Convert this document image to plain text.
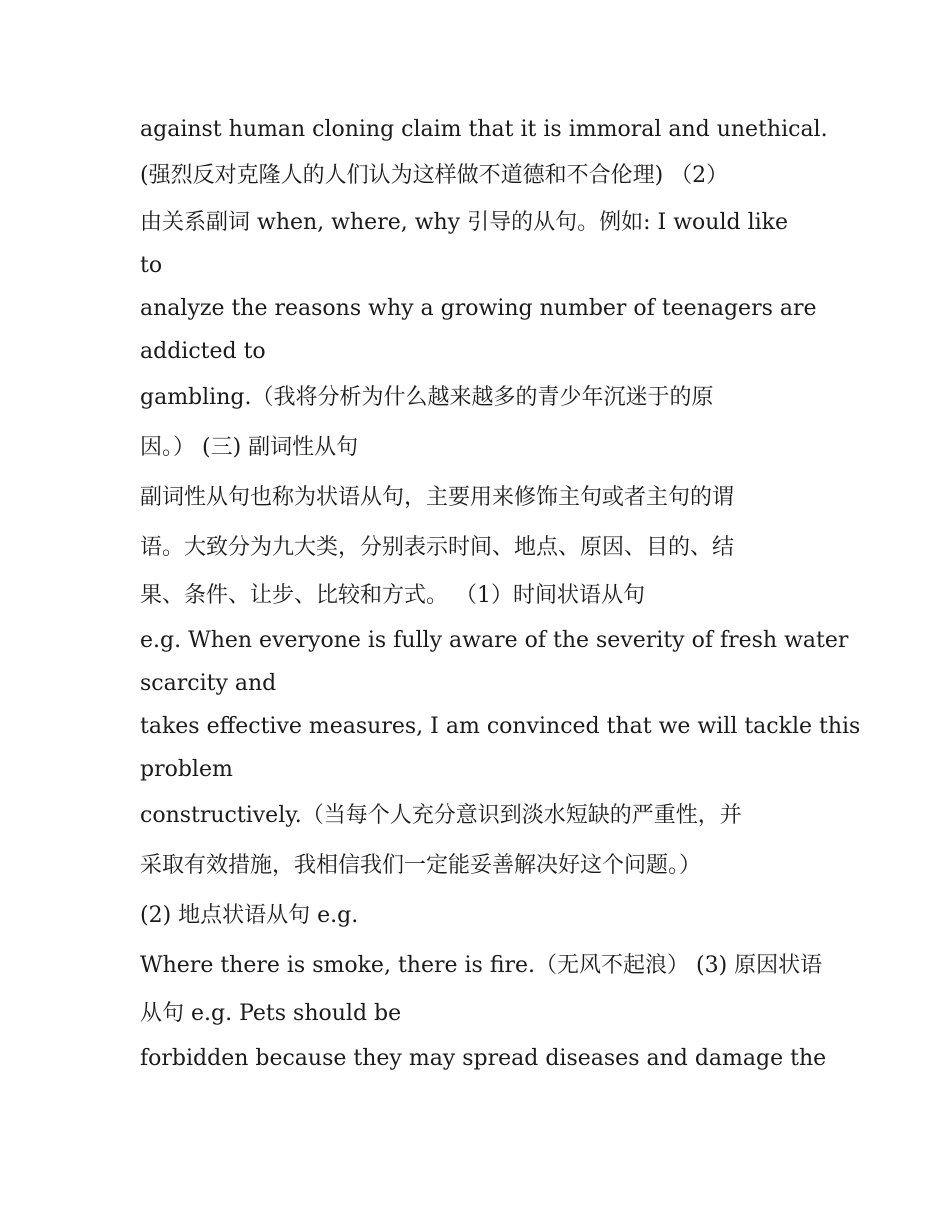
against human cloning claim that it is immoral and unethical.
(强烈反对克隆人的人们认为这样做不道德和不合伦理) （2）
由关系副词 when, where, why 引导的从句。例如: I would like
to
analyze the reasons why a growing number of teenagers are
addicted to
gambling.（我将分析为什么越来越多的青少年沉迷于的原
因。） (三) 副词性从句
副词性从句也称为状语从句，主要用来修饰主句或者主句的谓
语。大致分为九大类，分别表示时间、地点、原因、目的、结
果、条件、让步、比较和方式。 （1）时间状语从句
e.g. When everyone is fully aware of the severity of fresh water
scarcity and
takes effective measures, I am convinced that we will tackle this
problem
constructively.（当每个人充分意识到淡水短缺的严重性，并
采取有效措施，我相信我们一定能妥善解决好这个问题。）
(2) 地点状语从句 e.g.
Where there is smoke, there is fire.（无风不起浪） (3) 原因状语
从句 e.g. Pets should be
forbidden because they may spread diseases and damage the
